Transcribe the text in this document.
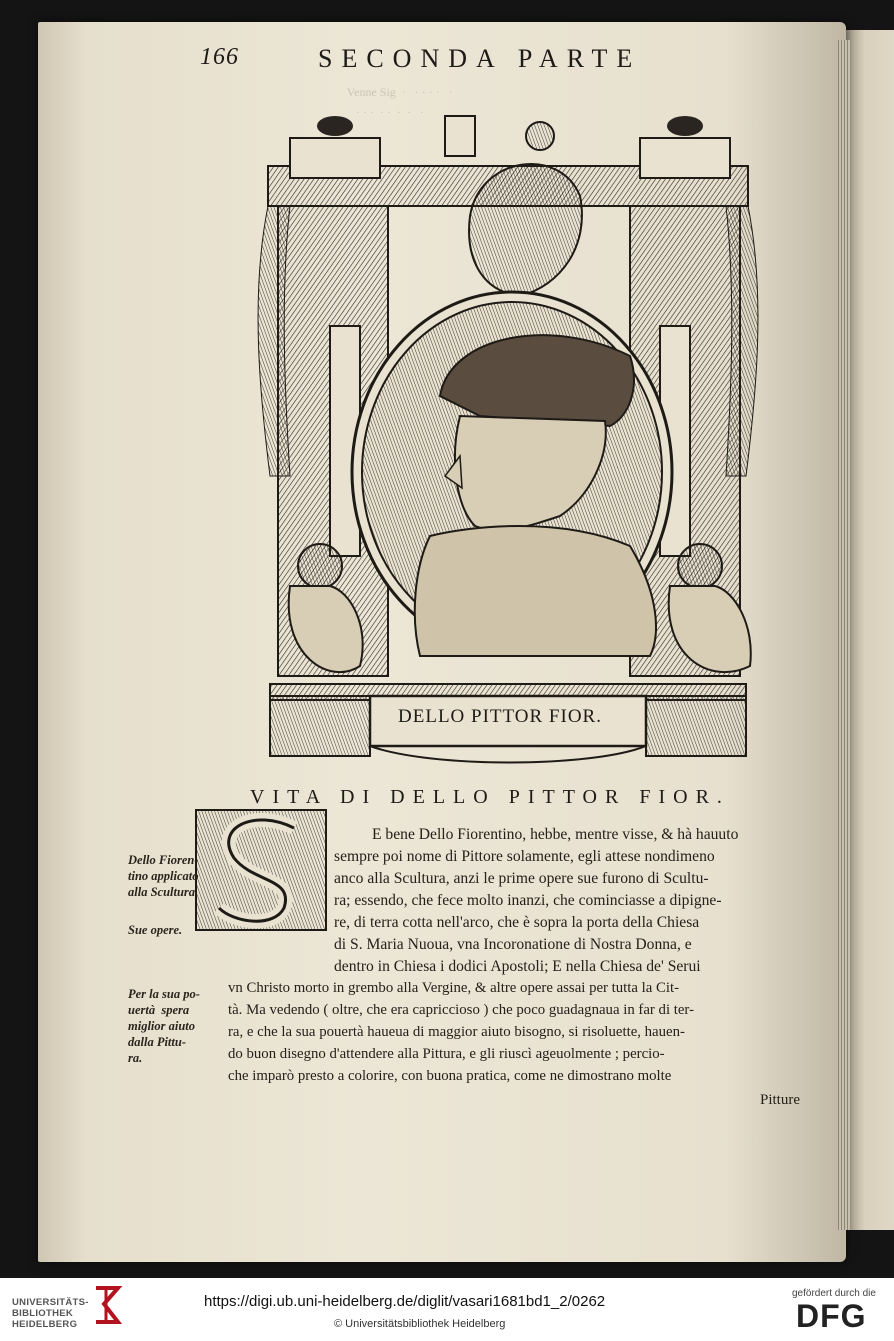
Venne Sig  ·   · · · ·   ·
· · ·  · ·  ·  ·   ·
166	SECONDA PARTE
DELLO PITTOR FIOR.
VITA DI DELLO PITTOR FIOR.
E bene Dello Fiorentino, hebbe, mentre visse, & hà hauuto
sempre poi nome di Pittore solamente, egli attese nondimeno
anco alla Scultura, anzi le prime opere sue furono di Scultu-
ra; essendo, che fece molto inanzi, che cominciasse a dipigne-
re, di terra cotta nell'arco, che è sopra la porta della Chiesa
di S. Maria Nuoua, vna Incoronatione di Nostra Donna, e
dentro in Chiesa i dodici Apostoli; E nella Chiesa de' Serui
vn Christo morto in grembo alla Vergine, & altre opere assai per tutta la Cit-
tà. Ma vedendo ( oltre, che era capriccioso ) che poco guadagnaua in far di ter-
ra, e che la sua pouertà haueua di maggior aiuto bisogno, si risoluette, hauen-
do buon disegno d'attendere alla Pittura, e gli riuscì ageuolmente ; percio-
che imparò presto a colorire, con buona pratica, come ne dimostrano molte
Pitture
Dello Fioren-
tino applicato
alla Scultura.
Sue opere.
Per la sua po-
uertà  spera
miglior aiuto
dalla Pittu-
ra.
UNIVERSITÄTS-
BIBLIOTHEK
HEIDELBERG
https://digi.ub.uni-heidelberg.de/diglit/vasari1681bd1_2/0262
© Universitätsbibliothek Heidelberg
gefördert durch die
DFG
